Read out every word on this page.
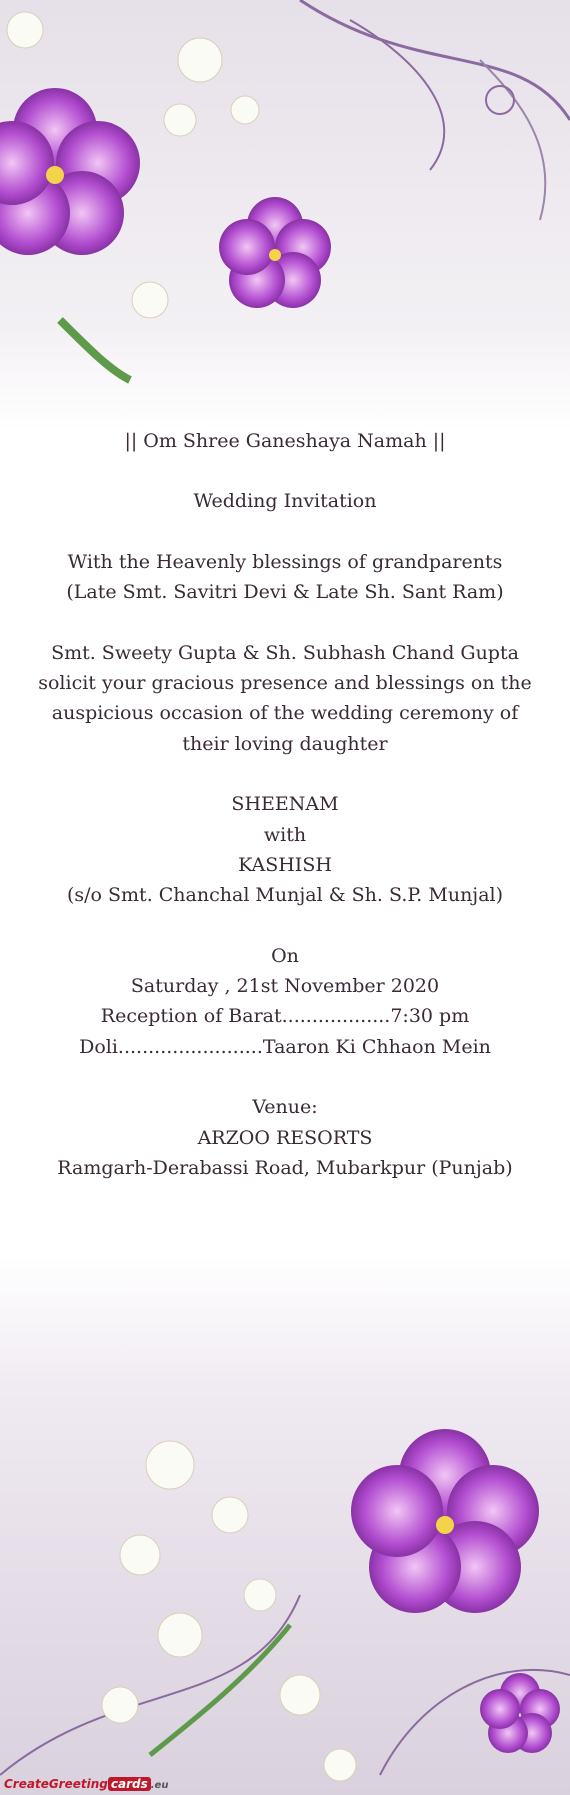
|| Om Shree Ganeshaya Namah ||
Wedding Invitation
With the Heavenly blessings of grandparents
(Late Smt. Savitri Devi & Late Sh. Sant Ram)
Smt. Sweety Gupta & Sh. Subhash Chand Gupta
solicit your gracious presence and blessings on the
auspicious occasion of the wedding ceremony of
their loving daughter
SHEENAM
with
KASHISH
(s/o Smt. Chanchal Munjal & Sh. S.P. Munjal)
On
Saturday , 21st November 2020
Reception of Barat..................7:30 pm
Doli........................Taaron Ki Chhaon Mein
Venue:
ARZOO RESORTS
Ramgarh-Derabassi Road, Mubarkpur (Punjab)
CreateGreeting cards .eu
